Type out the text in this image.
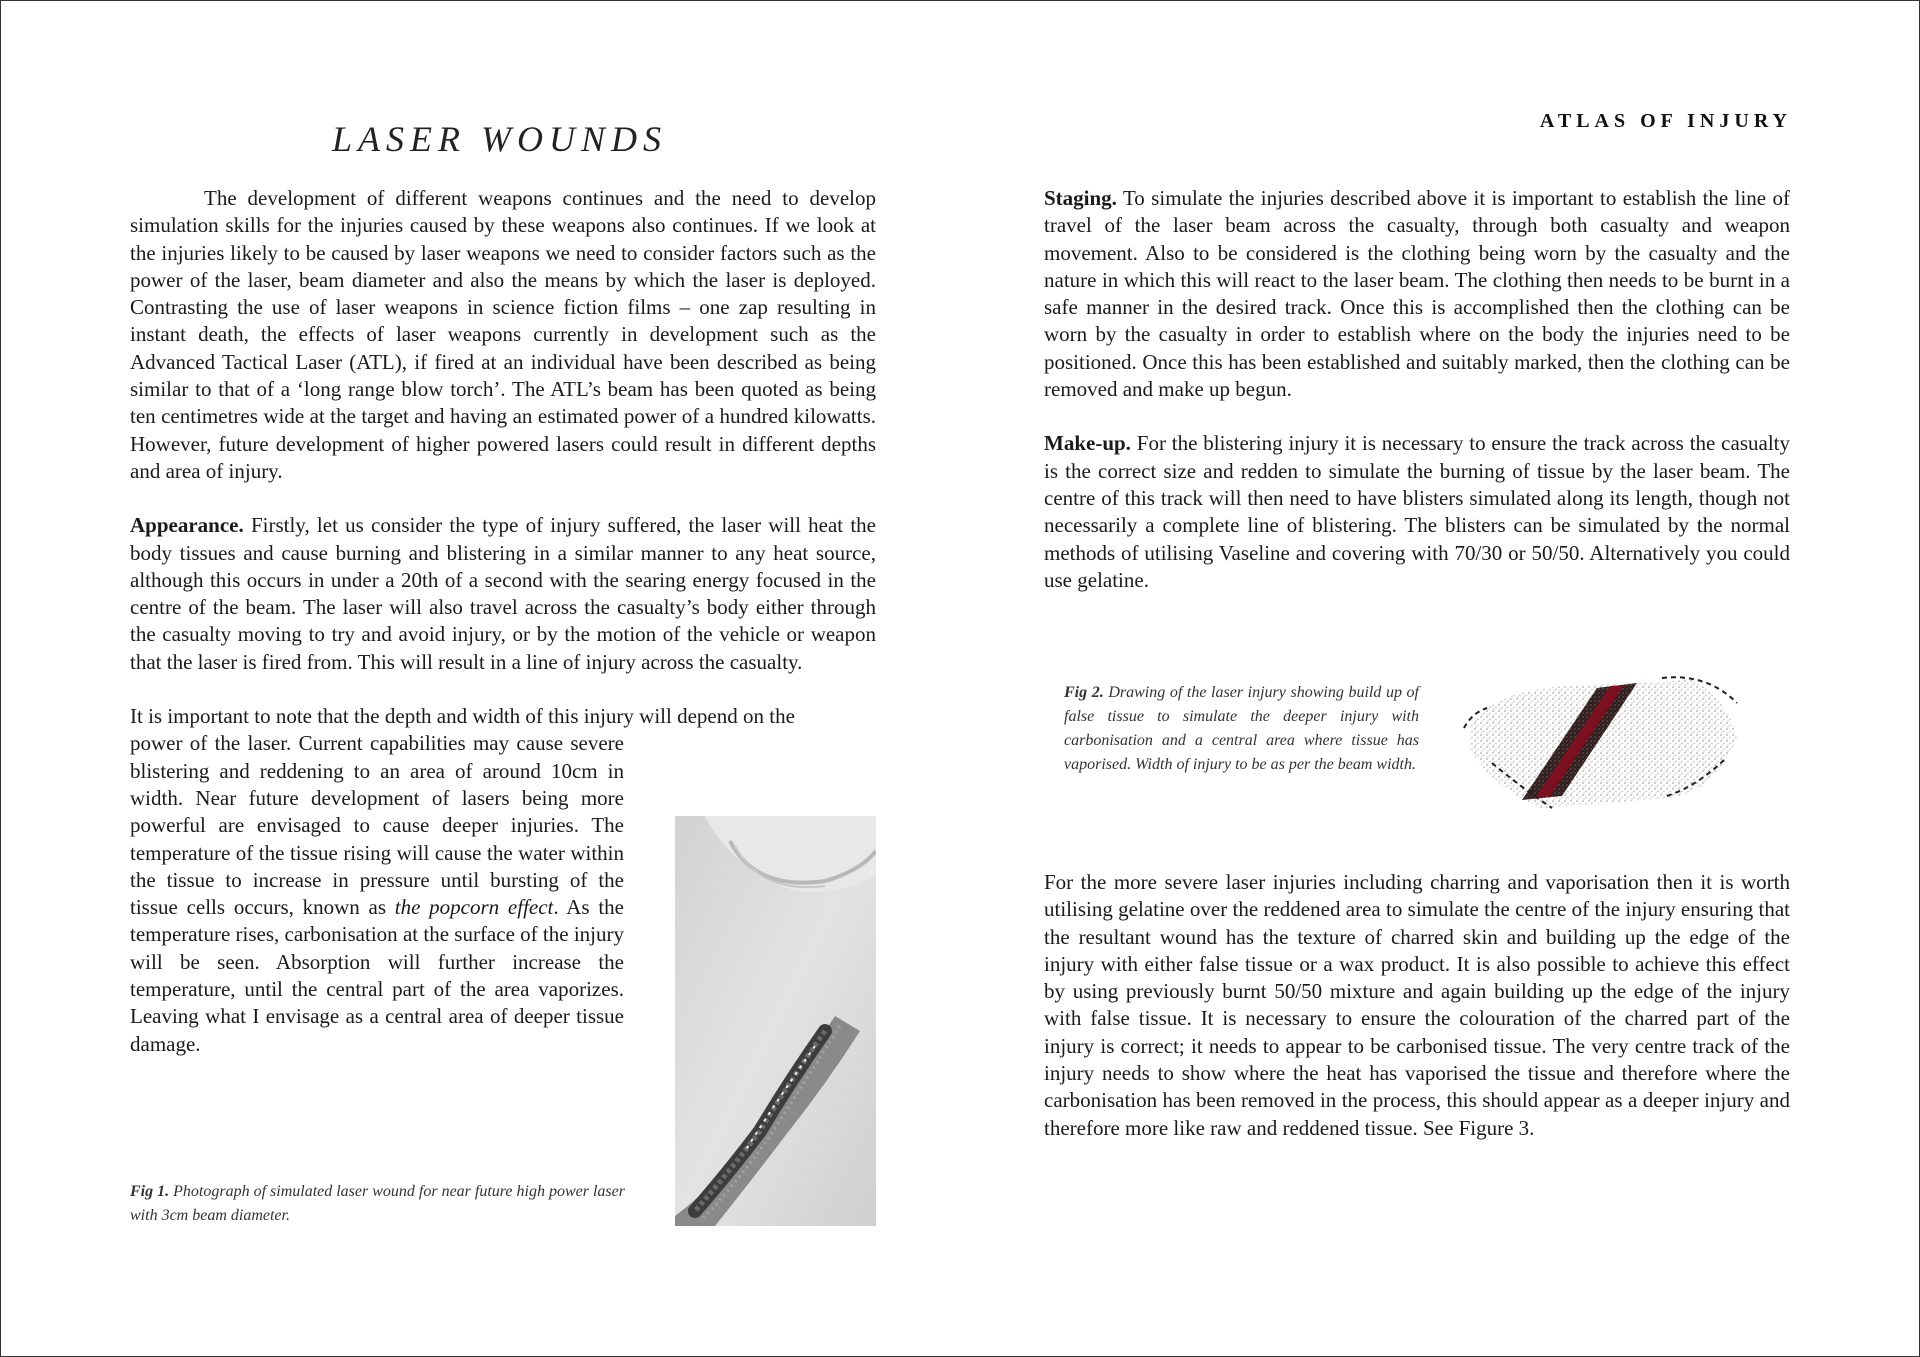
LASER WOUNDS	ATLAS OF INJURY

The development of different weapons continues and the need to develop simulation skills for the injuries caused by these weapons also continues. If we look at the injuries likely to be caused by laser weapons we need to consider factors such as the power of the laser, beam diameter and also the means by which the laser is deployed. Contrasting the use of laser weapons in science fiction films – one zap resulting in instant death, the effects of laser weapons currently in development such as the Advanced Tactical Laser (ATL), if fired at an individual have been described as being similar to that of a ‘long range blow torch’. The ATL’s beam has been quoted as being ten centimetres wide at the target and having an estimated power of a hundred kilowatts. However, future development of higher powered lasers could result in different depths and area of injury.

Appearance. Firstly, let us consider the type of injury suffered, the laser will heat the body tissues and cause burning and blistering in a similar manner to any heat source, although this occurs in under a 20th of a second with the searing energy focused in the centre of the beam. The laser will also travel across the casualty’s body either through the casualty moving to try and avoid injury, or by the motion of the vehicle or weapon that the laser is fired from. This will result in a line of injury across the casualty.

It is important to note that the depth and width of this injury will depend on the

power of the laser. Current capabilities may cause severe blistering and reddening to an area of around 10cm in width. Near future development of lasers being more powerful are envisaged to cause deeper injuries. The temperature of the tissue rising will cause the water within the tissue to increase in pressure until bursting of the tissue cells occurs, known as the popcorn effect. As the temperature rises, carbonisation at the surface of the injury will be seen. Absorption will further increase the temperature, until the central part of the area vaporizes. Leaving what I envisage as a central area of deeper tissue damage.

Fig 1. Photograph of simulated laser wound for near future high power laser with 3cm beam diameter.

Staging. To simulate the injuries described above it is important to establish the line of travel of the laser beam across the casualty, through both casualty and weapon movement. Also to be considered is the clothing being worn by the casualty and the nature in which this will react to the laser beam. The clothing then needs to be burnt in a safe manner in the desired track. Once this is accomplished then the clothing can be worn by the casualty in order to establish where on the body the injuries need to be positioned. Once this has been established and suitably marked, then the clothing can be removed and make up begun.

Make-up. For the blistering injury it is necessary to ensure the track across the casualty is the correct size and redden to simulate the burning of tissue by the laser beam. The centre of this track will then need to have blisters simulated along its length, though not necessarily a complete line of blistering. The blisters can be simulated by the normal methods of utilising Vaseline and covering with 70/30 or 50/50. Alternatively you could use gelatine.

Fig 2. Drawing of the laser injury showing build up of false tissue to simulate the deeper injury with carbonisation and a central area where tissue has vaporised. Width of injury to be as per the beam width.
For the more severe laser injuries including charring and vaporisation then it is worth utilising gelatine over the reddened area to simulate the centre of the injury ensuring that the resultant wound has the texture of charred skin and building up the edge of the injury with either false tissue or a wax product. It is also possible to achieve this effect by using previously burnt 50/50 mixture and again building up the edge of the injury with false tissue. It is necessary to ensure the colouration of the charred part of the injury is correct; it needs to appear to be carbonised tissue. The very centre track of the injury needs to show where the heat has vaporised the tissue and therefore where the carbonisation has been removed in the process, this should appear as a deeper injury and therefore more like raw and reddened tissue. See Figure 3.
